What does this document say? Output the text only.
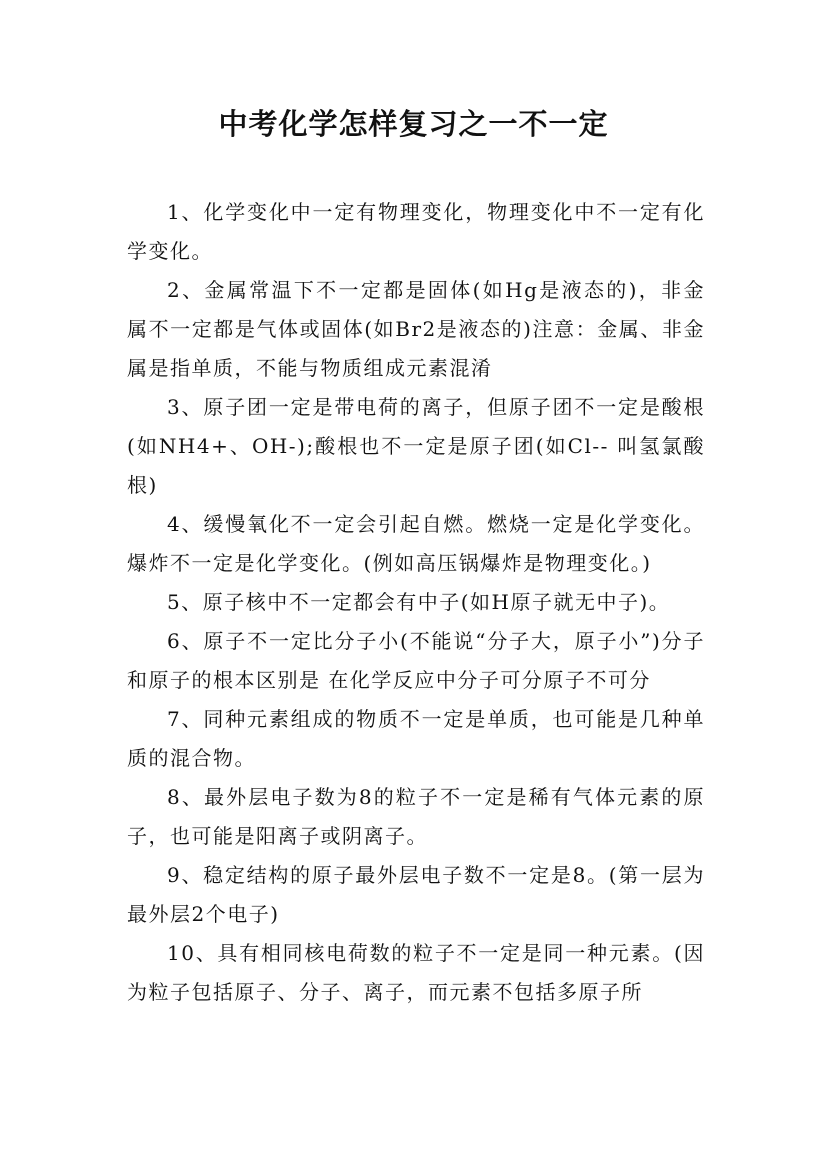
中考化学怎样复习之一不一定

1、化学变化中一定有物理变化，物理变化中不一定有化学变化。

2、金属常温下不一定都是固体(如Hg是液态的)，非金属不一定都是气体或固体(如Br2是液态的)注意：金属、非金属是指单质，不能与物质组成元素混淆

3、原子团一定是带电荷的离子，但原子团不一定是酸根(如NH4+、OH-);酸根也不一定是原子团(如Cl-- 叫氢氯酸根)

4、缓慢氧化不一定会引起自燃。燃烧一定是化学变化。爆炸不一定是化学变化。(例如高压锅爆炸是物理变化。)

5、原子核中不一定都会有中子(如H原子就无中子)。

6、原子不一定比分子小(不能说“分子大，原子小”)分子和原子的根本区别是 在化学反应中分子可分原子不可分

7、同种元素组成的物质不一定是单质，也可能是几种单质的混合物。

8、最外层电子数为8的粒子不一定是稀有气体元素的原子，也可能是阳离子或阴离子。

9、稳定结构的原子最外层电子数不一定是8。(第一层为最外层2个电子)

10、具有相同核电荷数的粒子不一定是同一种元素。(因为粒子包括原子、分子、离子，而元素不包括多原子所
